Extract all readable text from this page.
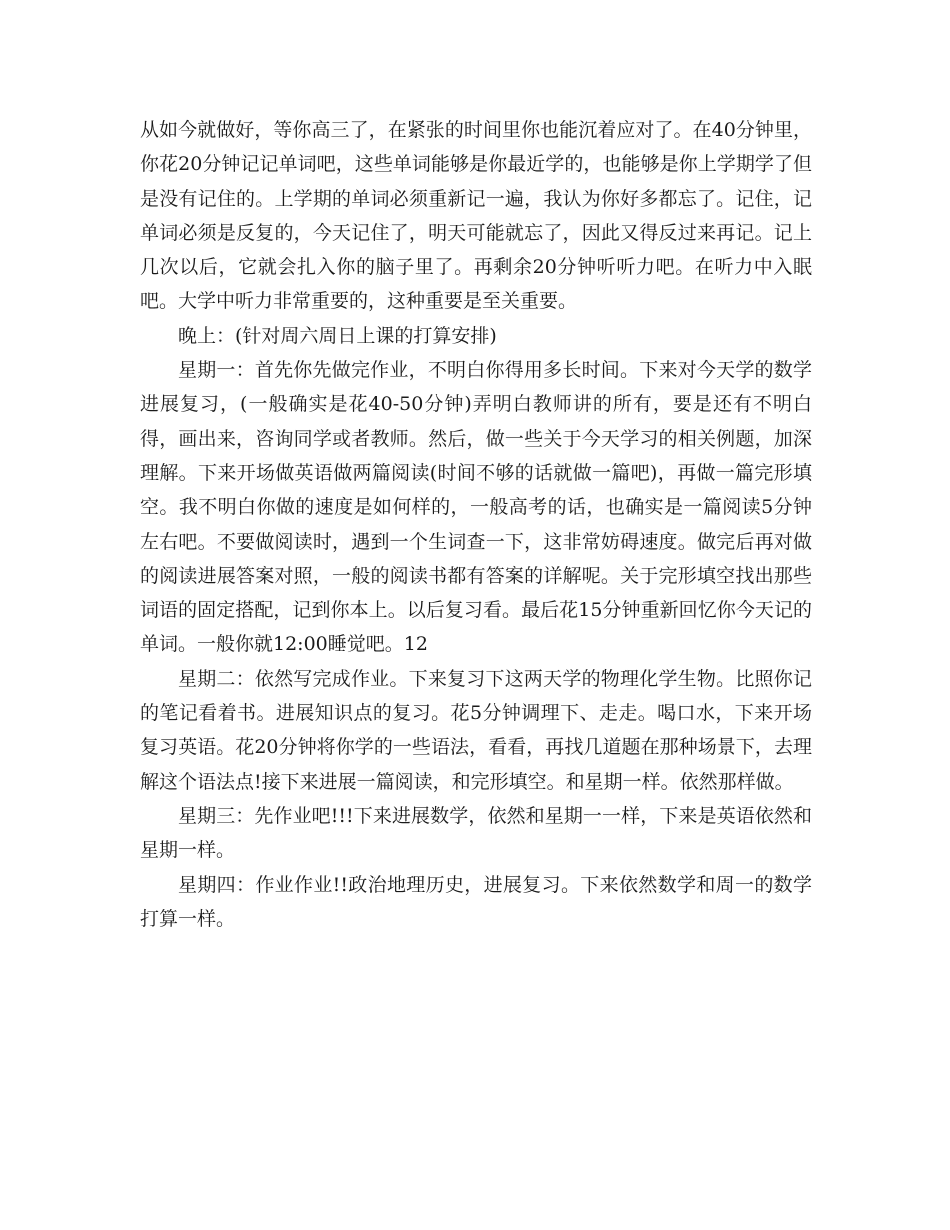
从如今就做好，等你高三了，在紧张的时间里你也能沉着应对了。在40分钟里，你花20分钟记记单词吧，这些单词能够是你最近学的，也能够是你上学期学了但是没有记住的。上学期的单词必须重新记一遍，我认为你好多都忘了。记住，记单词必须是反复的，今天记住了，明天可能就忘了，因此又得反过来再记。记上几次以后，它就会扎入你的脑子里了。再剩余20分钟听听力吧。在听力中入眠吧。大学中听力非常重要的，这种重要是至关重要。

晚上：(针对周六周日上课的打算安排)

星期一：首先你先做完作业，不明白你得用多长时间。下来对今天学的数学进展复习，(一般确实是花40-50分钟)弄明白教师讲的所有，要是还有不明白得，画出来，咨询同学或者教师。然后，做一些关于今天学习的相关例题，加深理解。下来开场做英语做两篇阅读(时间不够的话就做一篇吧)，再做一篇完形填空。我不明白你做的速度是如何样的，一般高考的话，也确实是一篇阅读5分钟左右吧。不要做阅读时，遇到一个生词查一下，这非常妨碍速度。做完后再对做的阅读进展答案对照，一般的阅读书都有答案的详解呢。关于完形填空找出那些词语的固定搭配，记到你本上。以后复习看。最后花15分钟重新回忆你今天记的单词。一般你就12:00睡觉吧。12

星期二：依然写完成作业。下来复习下这两天学的物理化学生物。比照你记的笔记看着书。进展知识点的复习。花5分钟调理下、走走。喝口水，下来开场复习英语。花20分钟将你学的一些语法，看看，再找几道题在那种场景下，去理解这个语法点!接下来进展一篇阅读，和完形填空。和星期一样。依然那样做。

星期三：先作业吧!!!下来进展数学，依然和星期一一样，下来是英语依然和星期一样。

星期四：作业作业!!政治地理历史，进展复习。下来依然数学和周一的数学打算一样。
